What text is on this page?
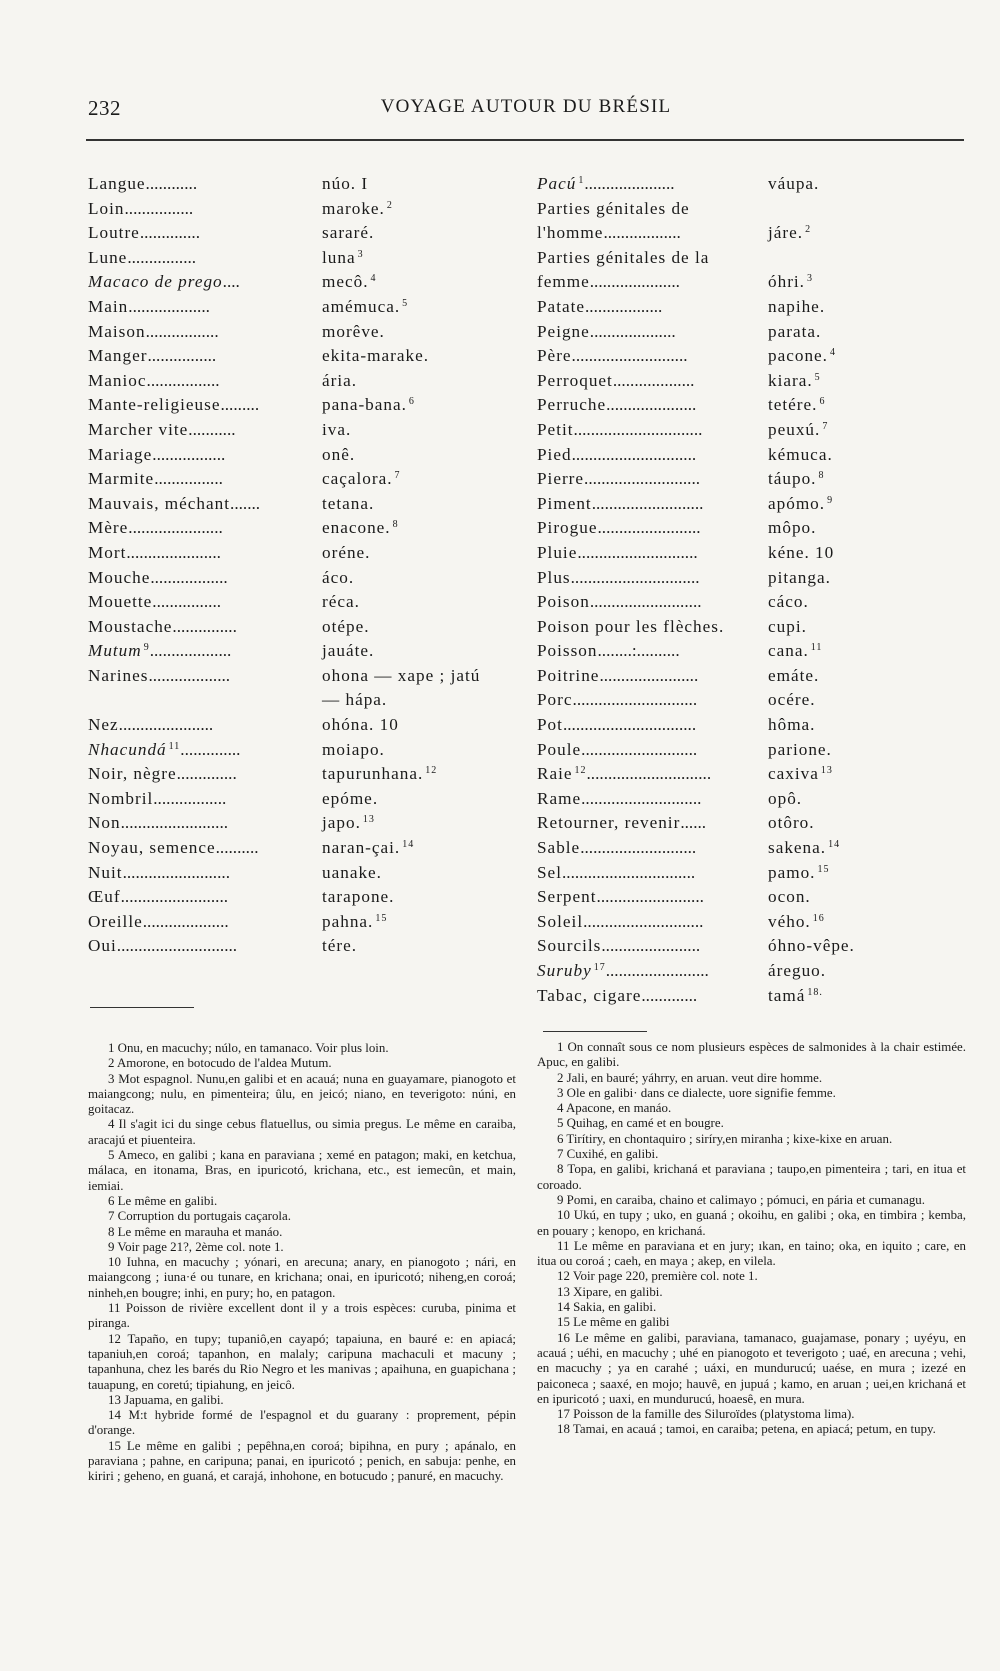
232	VOYAGE AUTOUR DU BRÉSIL
Langue............	núo. I
Loin................	maroke. $^2$
Loutre..............	sararé.
Lune................	luna $^3$
Macaco de prego....	mecô. $^4$
Main...................	amémuca. $^5$
Maison.................	morêve.
Manger................	ekita-marake.
Manioc.................	ária.
Mante-religieuse.........	pana-bana. $^6$
Marcher vite...........	iva.
Mariage.................	onê.
Marmite................	caçalora. $^7$
Mauvais, méchant.......	tetana.
Mère......................	enacone. $^8$
Mort......................	oréne.
Mouche..................	áco.
Mouette................	réca.
Moustache...............	otépe.
Mutum $^9$...................	jauáte.
Narines...................	ohona — xape ; jatú
— hápa.
Nez......................	ohóna. 10
Nhacundá $^{11}$..............	moiapo.
Noir, nègre..............	tapurunhana. $^{12}$
Nombril.................	epóme.
Non.........................	japo. $^{13}$
Noyau, semence..........	naran-çai. $^{14}$
Nuit.........................	uanake.
Œuf.........................	tarapone.
Oreille....................	pahna. $^{15}$
Oui............................	tére.
Pacú $^1$.....................	váupa.
Parties génitales de
l'homme..................	járe. $^2$
Parties génitales de la
femme.....................	óhri. $^3$
Patate..................	napihe.
Peigne....................	parata.
Père...........................	pacone. $^4$
Perroquet...................	kiara. $^5$
Perruche.....................	tetére. $^6$
Petit..............................	peuxú. $^7$
Pied.............................	kémuca.
Pierre...........................	táupo. $^8$
Piment..........................	apómo. $^9$
Pirogue........................	môpo.
Pluie............................	kéne. 10
Plus..............................	pitanga.
Poison..........................	cáco.
Poison pour les flèches.	cupi.
Poisson........:..........	cana. $^{11}$
Poitrine.......................	emáte.
Porc.............................	océre.
Pot...............................	hôma.
Poule...........................	parione.
Raie $^{12}$.............................	caxiva $^{13}$
Rame............................	opô.
Retourner, revenir......	otôro.
Sable...........................	sakena. $^{14}$
Sel...............................	pamo. $^{15}$
Serpent.........................	ocon.
Soleil............................	vého. $^{16}$
Sourcils.......................	óhno-vêpe.
Suruby $^{17}$........................	áreguo.
Tabac, cigare.............	tamá $^{18.}$

1 Onu, en macuchy; núlo, en tamanaco. Voir plus loin.

2 Amorone, en botocudo de l'aldea Mutum.

3 Mot espagnol. Nunu,en galibi et en acauá; nuna en guayamare, pianogoto et maiangcong; nulu, en pimenteira; ûlu, en jeicó; niano, en teverigoto: núni, en goitacaz.

4 Il s'agit ici du singe cebus flatuellus, ou simia pregus. Le même en caraiba, aracajú et piuenteira.

5 Ameco, en galibi ; kana en paraviana ; xemé en patagon; maki, en ketchua, málaca, en itonama, Bras, en ipuricotó, krichana, etc., est iemecûn, et main, iemiai.

6 Le même en galibi.

7 Corruption du portugais caçarola.

8 Le même en marauha et manáo.

9 Voir page 21?, 2ème col. note 1.

10 Iuhna, en macuchy ; yónari, en arecuna; anary, en pianogoto ; nári, en maiangcong ; iuna·é ou tunare, en krichana; onai, en ipuricotó; niheng,en coroá; ninheh,en bougre; inhi, en pury; ho, en patagon.

11 Poisson de rivière excellent dont il y a trois espèces: curuba, pinima et piranga.

12 Tapaño, en tupy; tupaniô,en cayapó; tapaiuna, en bauré e: en apiacá; tapaniuh,en coroá; tapanhon, en malaly; caripuna machaculi et macuny ; tapanhuna, chez les barés du Rio Negro et les manivas ; apaihuna, en guapichana ; tauapung, en coretú; tipiahung, en jeicô.

13 Japuama, en galibi.

14 M:t hybride formé de l'espagnol et du guarany : proprement, pépin d'orange.

15 Le même en galibi ; pepêhna,en coroá; bipihna, en pury ; apánalo, en paraviana ; pahne, en caripuna; panai, en ipuricotó ; penich, en sabuja: penhe, en kiriri ; geheno, en guaná, et carajá, inhohone, en botucudo ; panuré, en macuchy.

1 On connaît sous ce nom plusieurs espèces de salmonides à la chair estimée. Apuc, en galibi.

2 Jali, en bauré; yáhrry, en aruan. veut dire homme.

3 Ole en galibi· dans ce dialecte, uore signifie femme.

4 Apacone, en manáo.

5 Quihag, en camé et en bougre.

6 Tirítiry, en chontaquiro ; siríry,en miranha ; kixe-kixe en aruan.

7 Cuxihé, en galibi.

8 Topa, en galibi, krichaná et paraviana ; taupo,en pimenteira ; tari, en itua et coroado.

9 Pomi, en caraiba, chaino et calimayo ; pómuci, en pária et cumanagu.

10 Ukú, en tupy ; uko, en guaná ; okoihu, en galibi ; oka, en timbira ; kemba, en pouary ; kenopo, en krichaná.

11 Le même en paraviana et en jury; ıkan, en taino; oka, en iquito ; care, en itua ou coroá ; caeh, en maya ; akep, en vilela.

12 Voir page 220, première col. note 1.

13 Xipare, en galibi.

14 Sakia, en galibi.

15 Le même en galibi

16 Le même en galibi, paraviana, tamanaco, guajamase, ponary ; uyéyu, en acauá ; uéhi, en macuchy ; uhé en pianogoto et teverigoto ; uaé, en arecuna ; vehi, en macuchy ; ya en carahé ; uáxi, en mundurucú; uaése, en mura ; izezé en paiconeca ; saaxé, en mojo; hauvê, en jupuá ; kamo, en aruan ; uei,en krichaná et en ipuricotó ; uaxi, en mundurucú, hoaesê, en mura.

17 Poisson de la famille des Siluroïdes (platystoma lima).

18 Tamai, en acauá ; tamoi, en caraiba; petena, en apiacá; petum, en tupy.
